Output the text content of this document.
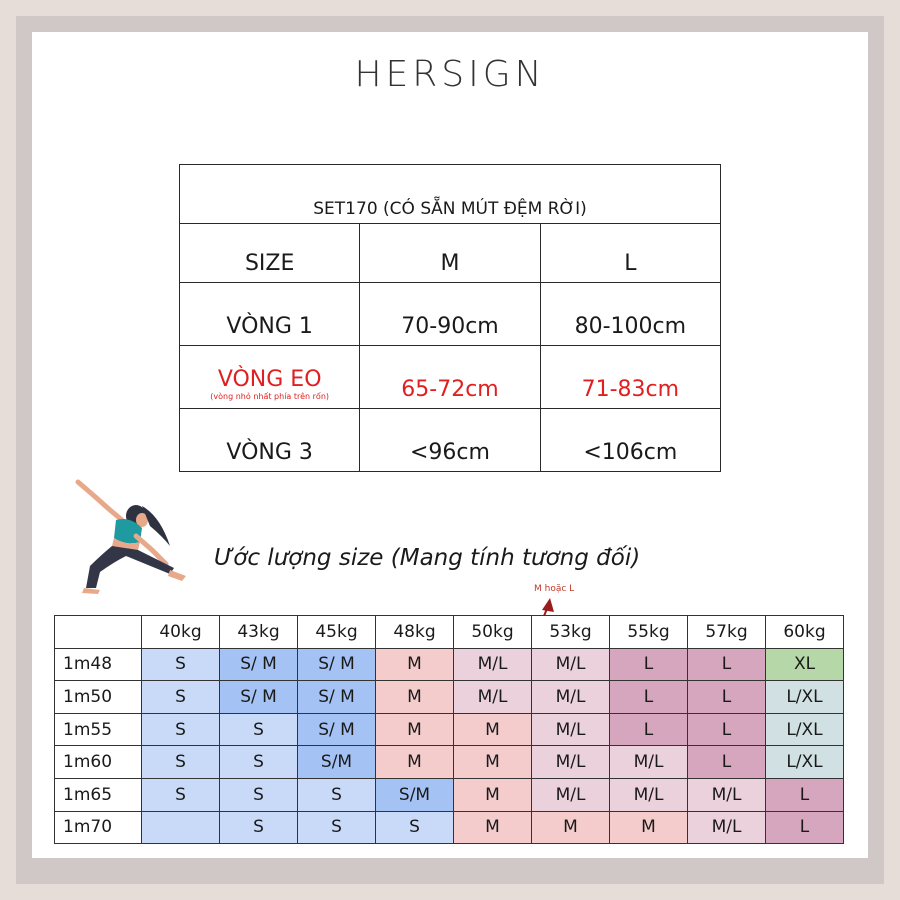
HERSIGN
SET170 (CÓ SẴN MÚT ĐỆM RỜI)		
SIZE	M	L
VÒNG 1	70-90cm	80-100cm

VÒNG EO
(vòng nhỏ nhất phía trên rốn)	65-72cm	71-83cm
VÒNG 3	<96cm	<106cm
Ước lượng size (Mang tính tương đối)
M hoặc L
	40kg	43kg	45kg	48kg	50kg	53kg	55kg	57kg	60kg
1m48	S	S/ M	S/ M	M	M/L	M/L	L	L	XL
1m50	S	S/ M	S/ M	M	M/L	M/L	L	L	L/XL
1m55	S	S	S/ M	M	M	M/L	L	L	L/XL
1m60	S	S	S/M	M	M	M/L	M/L	L	L/XL
1m65	S	S	S	S/M	M	M/L	M/L	M/L	L
1m70		S	S	S	M	M	M	M/L	L
